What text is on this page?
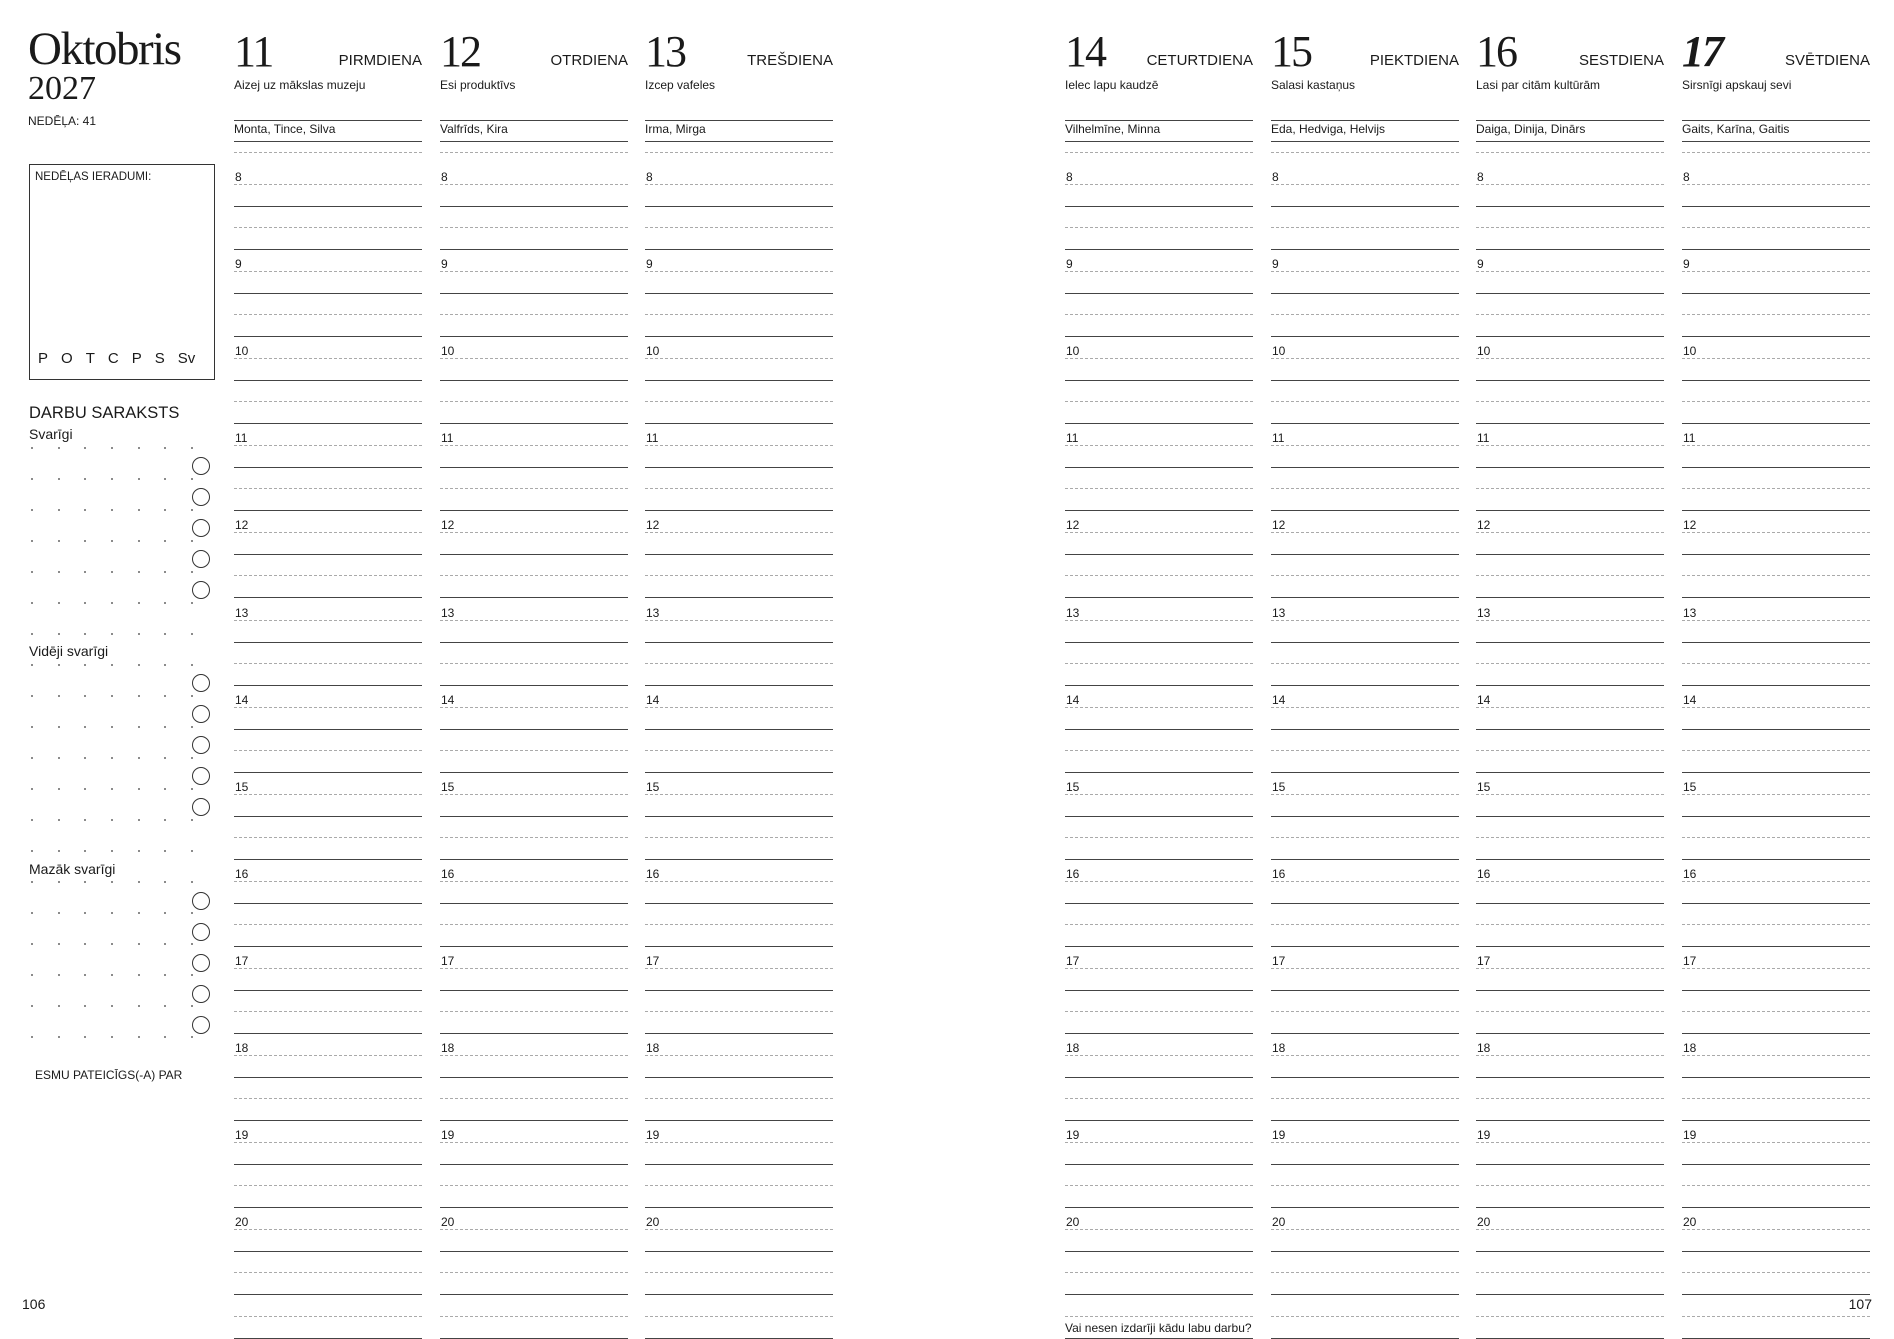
Oktobris
2027
NEDĒĻA: 41
NEDĒĻAS IERADUMI:
P O T C P S Sv
DARBU SARAKSTS
Svarīgi
Vidēji svarīgi
Mazāk svarīgi
ESMU PATEICĪGS(-A) PAR
11	PIRMDIENA
Aizej uz mākslas muzeju
Monta, Tince, Silva
8
9
10
11
12
13
14
15
16
17
18
19
20
12	OTRDIENA
Esi produktīvs
Valfrīds, Kira
8
9
10
11
12
13
14
15
16
17
18
19
20
13	TREŠDIENA
Izcep vafeles
Irma, Mirga
8
9
10
11
12
13
14
15
16
17
18
19
20
14	CETURTDIENA
Ielec lapu kaudzē
Vilhelmīne, Minna
8
9
10
11
12
13
14
15
16
17
18
19
20
Vai nesen izdarīji kādu labu darbu?
15	PIEKTDIENA
Salasi kastaņus
Eda, Hedviga, Helvijs
8
9
10
11
12
13
14
15
16
17
18
19
20
16	SESTDIENA
Lasi par citām kultūrām
Daiga, Dinija, Dinārs
8
9
10
11
12
13
14
15
16
17
18
19
20
17	SVĒTDIENA
Sirsnīgi apskauj sevi
Gaits, Karīna, Gaitis
8
9
10
11
12
13
14
15
16
17
18
19
20
106	107
